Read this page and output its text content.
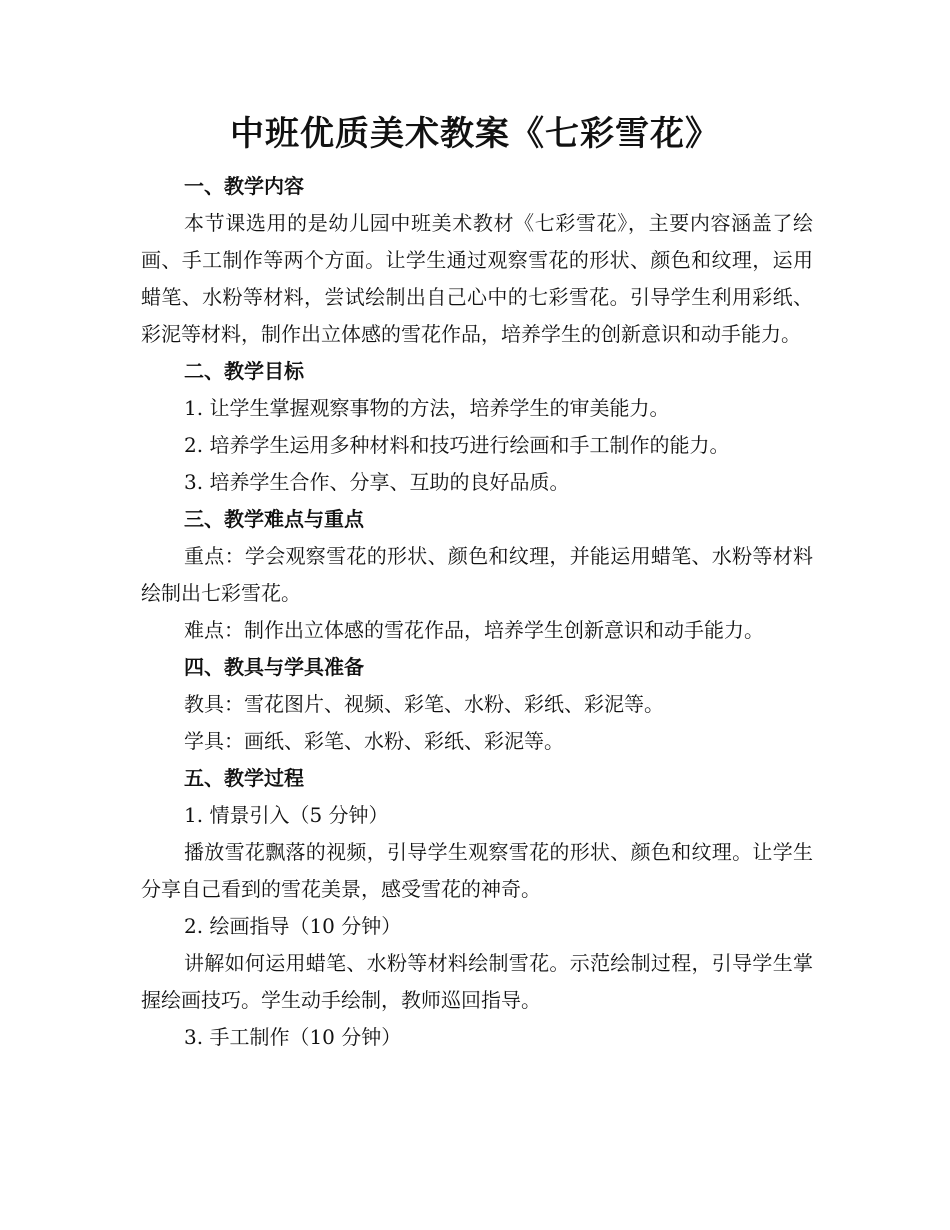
中班优质美术教案《七彩雪花》

一、教学内容

本节课选用的是幼儿园中班美术教材《七彩雪花》，主要内容涵盖了绘画、手工制作等两个方面。让学生通过观察雪花的形状、颜色和纹理，运用蜡笔、水粉等材料，尝试绘制出自己心中的七彩雪花。引导学生利用彩纸、彩泥等材料，制作出立体感的雪花作品，培养学生的创新意识和动手能力。

二、教学目标

1. 让学生掌握观察事物的方法，培养学生的审美能力。

2. 培养学生运用多种材料和技巧进行绘画和手工制作的能力。

3. 培养学生合作、分享、互助的良好品质。

三、教学难点与重点

重点：学会观察雪花的形状、颜色和纹理，并能运用蜡笔、水粉等材料绘制出七彩雪花。

难点：制作出立体感的雪花作品，培养学生创新意识和动手能力。

四、教具与学具准备

教具：雪花图片、视频、彩笔、水粉、彩纸、彩泥等。

学具：画纸、彩笔、水粉、彩纸、彩泥等。

五、教学过程

1. 情景引入（5 分钟）

播放雪花飘落的视频，引导学生观察雪花的形状、颜色和纹理。让学生分享自己看到的雪花美景，感受雪花的神奇。

2. 绘画指导（10 分钟）

讲解如何运用蜡笔、水粉等材料绘制雪花。示范绘制过程，引导学生掌握绘画技巧。学生动手绘制，教师巡回指导。

3. 手工制作（10 分钟）
